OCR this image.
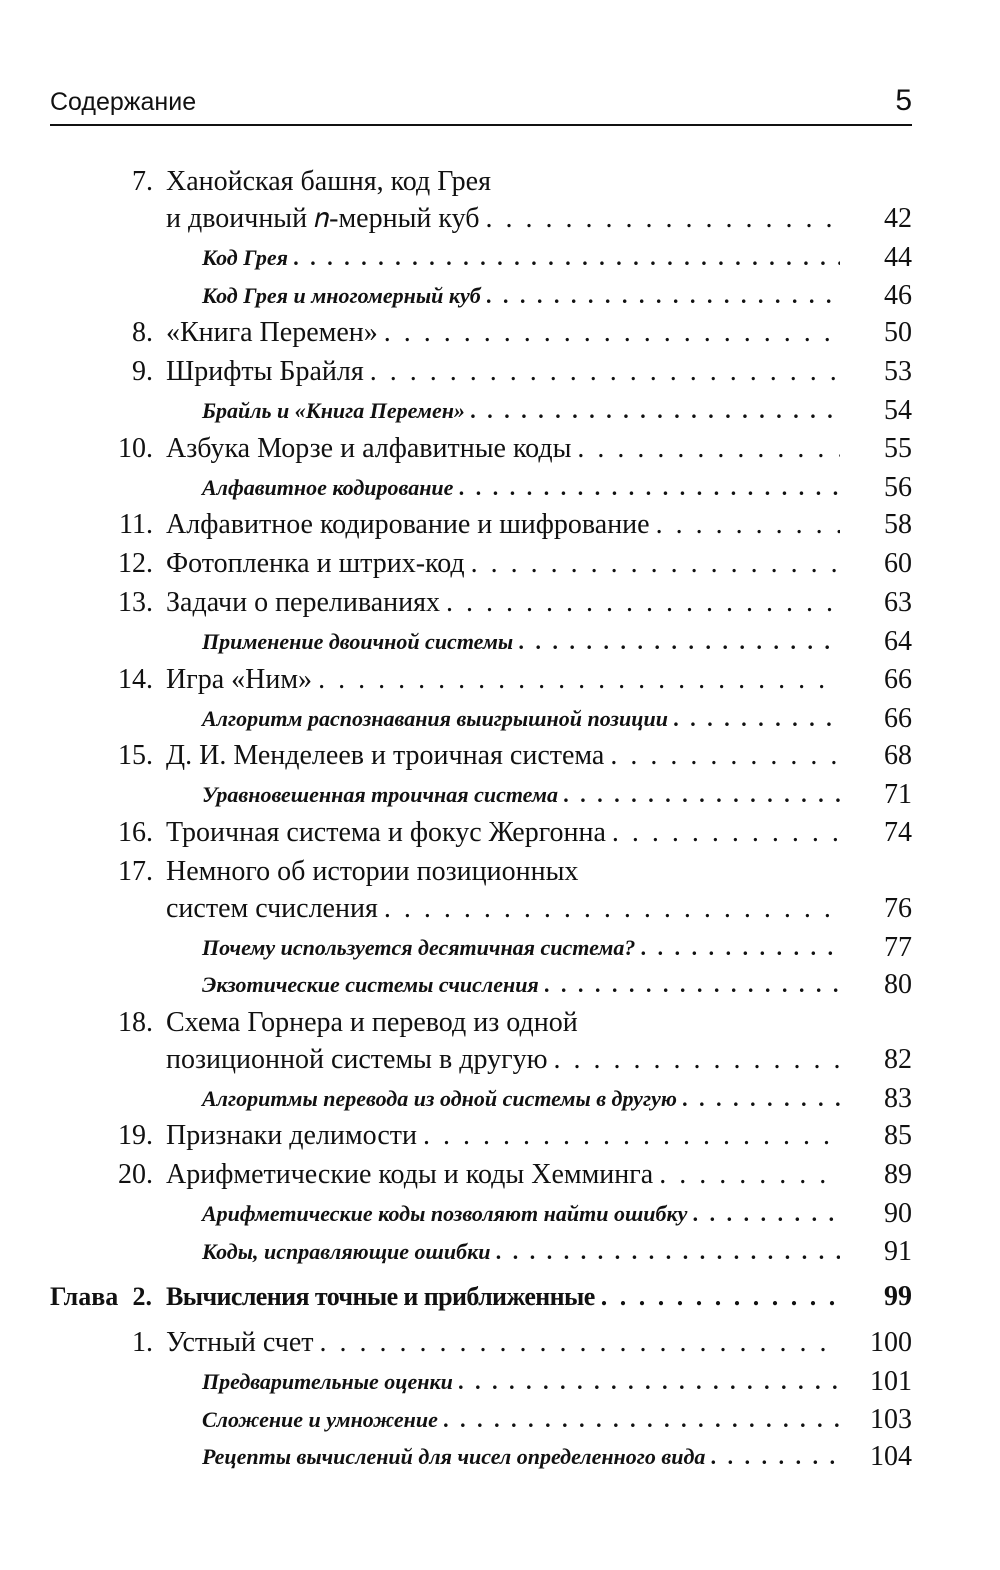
Содержание	5
7. Ханойская башня, код Грея
и двоичный 𝑛-мерный куб . . .	42
Код Грея . . .	44
Код Грея и многомерный куб . . .	46
8. «Книга Перемен» . . .	50
9. Шрифты Брайля . . .	53
Брайль и «Книга Перемен» . . .	54
10. Азбука Морзе и алфавитные коды . . .	55
Алфавитное кодирование . . .	56
11. Алфавитное кодирование и шифрование . . .	58
12. Фотопленка и штрих-код . . .	60
13. Задачи о переливаниях . . .	63
Применение двоичной системы . . .	64
14. Игра «Ним» . . .	66
Алгоритм распознавания выигрышной позиции . . .	66
15. Д. И. Менделеев и троичная система . . .	68
Уравновешенная троичная система . . .	71
16. Троичная система и фокус Жергонна . . .	74
17. Немного об истории позиционных
систем счисления . . .	76
Почему используется десятичная система? . . .	77
Экзотические системы счисления . . .	80
18. Схема Горнера и перевод из одной
позиционной системы в другую . . .	82
Алгоритмы перевода из одной системы в другую . . .	83
19. Признаки делимости . . .	85
20. Арифметические коды и коды Хемминга . . .	89
Арифметические коды позволяют найти ошибку . . .	90
Коды, исправляющие ошибки . . .	91
Глава 2. Вычисления точные и приближенные . . .	99
1. Устный счет . . .	100
Предварительные оценки . . .	101
Сложение и умножение . . .	103
Рецепты вычислений для чисел определенного вида . . .	104
